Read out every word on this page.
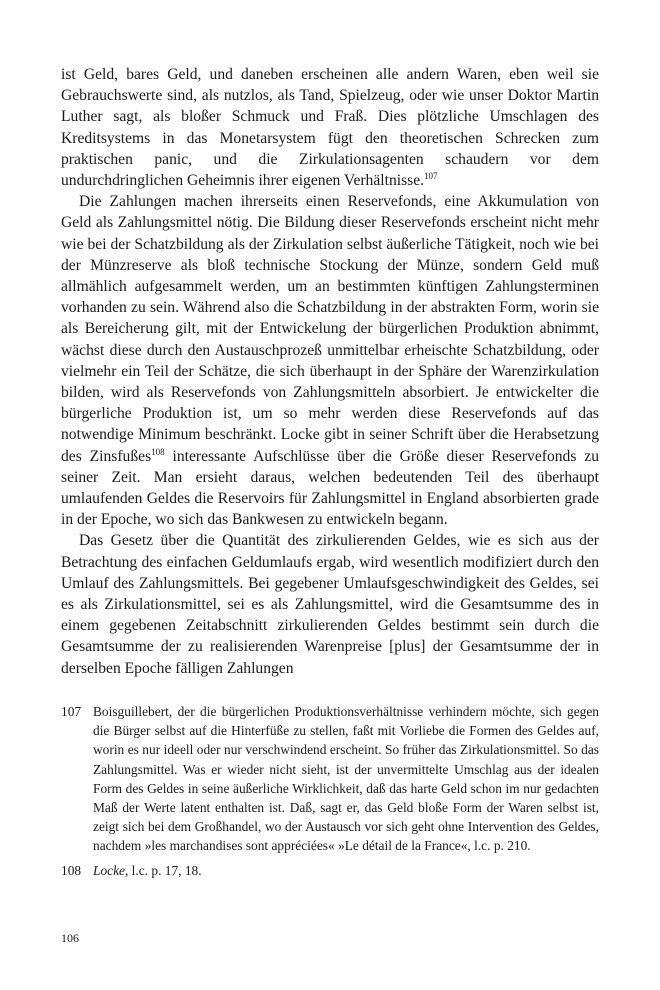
ist Geld, bares Geld, und daneben erscheinen alle andern Waren, eben weil sie Gebrauchswerte sind, als nutzlos, als Tand, Spielzeug, oder wie unser Doktor Martin Luther sagt, als bloßer Schmuck und Fraß. Dies plötzliche Umschlagen des Kreditsystems in das Monetarsystem fügt den theoretischen Schrecken zum praktischen panic, und die Zirkulationsagenten schaudern vor dem undurchdringlichen Geheimnis ihrer eigenen Verhältnisse.$^{107}$

Die Zahlungen machen ihrerseits einen Reservefonds, eine Akkumulation von Geld als Zahlungsmittel nötig. Die Bildung dieser Reservefonds erscheint nicht mehr wie bei der Schatzbildung als der Zirkulation selbst äußerliche Tätigkeit, noch wie bei der Münzreserve als bloß technische Stockung der Münze, sondern Geld muß allmählich aufgesammelt werden, um an bestimmten künftigen Zahlungsterminen vorhanden zu sein. Während also die Schatzbildung in der abstrakten Form, worin sie als Bereicherung gilt, mit der Entwickelung der bürgerlichen Produktion abnimmt, wächst diese durch den Austauschprozeß unmittelbar erheischte Schatzbildung, oder vielmehr ein Teil der Schätze, die sich überhaupt in der Sphäre der Warenzirkulation bilden, wird als Reservefonds von Zahlungsmitteln absorbiert. Je entwickelter die bürgerliche Produktion ist, um so mehr werden diese Reservefonds auf das notwendige Minimum beschränkt. Locke gibt in seiner Schrift über die Herabsetzung des Zinsfußes$^{108}$ interessante Aufschlüsse über die Größe dieser Reservefonds zu seiner Zeit. Man ersieht daraus, welchen bedeutenden Teil des überhaupt umlaufenden Geldes die Reservoirs für Zahlungsmittel in England absorbierten grade in der Epoche, wo sich das Bankwesen zu entwickeln begann.

Das Gesetz über die Quantität des zirkulierenden Geldes, wie es sich aus der Betrachtung des einfachen Geldumlaufs ergab, wird wesentlich modifiziert durch den Umlauf des Zahlungsmittels. Bei gegebener Umlaufsgeschwindigkeit des Geldes, sei es als Zirkulationsmittel, sei es als Zahlungsmittel, wird die Gesamtsumme des in einem gegebenen Zeitabschnitt zirkulierenden Geldes bestimmt sein durch die Gesamtsumme der zu realisierenden Warenpreise [plus] der Gesamtsumme der in derselben Epoche fälligen Zahlungen

107 Boisguillebert, der die bürgerlichen Produktionsverhältnisse verhindern möchte, sich gegen die Bürger selbst auf die Hinterfüße zu stellen, faßt mit Vorliebe die Formen des Geldes auf, worin es nur ideell oder nur verschwindend erscheint. So früher das Zirkulationsmittel. So das Zahlungsmittel. Was er wieder nicht sieht, ist der unvermittelte Umschlag aus der idealen Form des Geldes in seine äußerliche Wirklichkeit, daß das harte Geld schon im nur gedachten Maß der Werte latent enthalten ist. Daß, sagt er, das Geld bloße Form der Waren selbst ist, zeigt sich bei dem Großhandel, wo der Austausch vor sich geht ohne Intervention des Geldes, nachdem »les marchandises sont appréciées« »Le détail de la France«, l.c. p. 210.
108 Locke, l.c. p. 17, 18.
106
